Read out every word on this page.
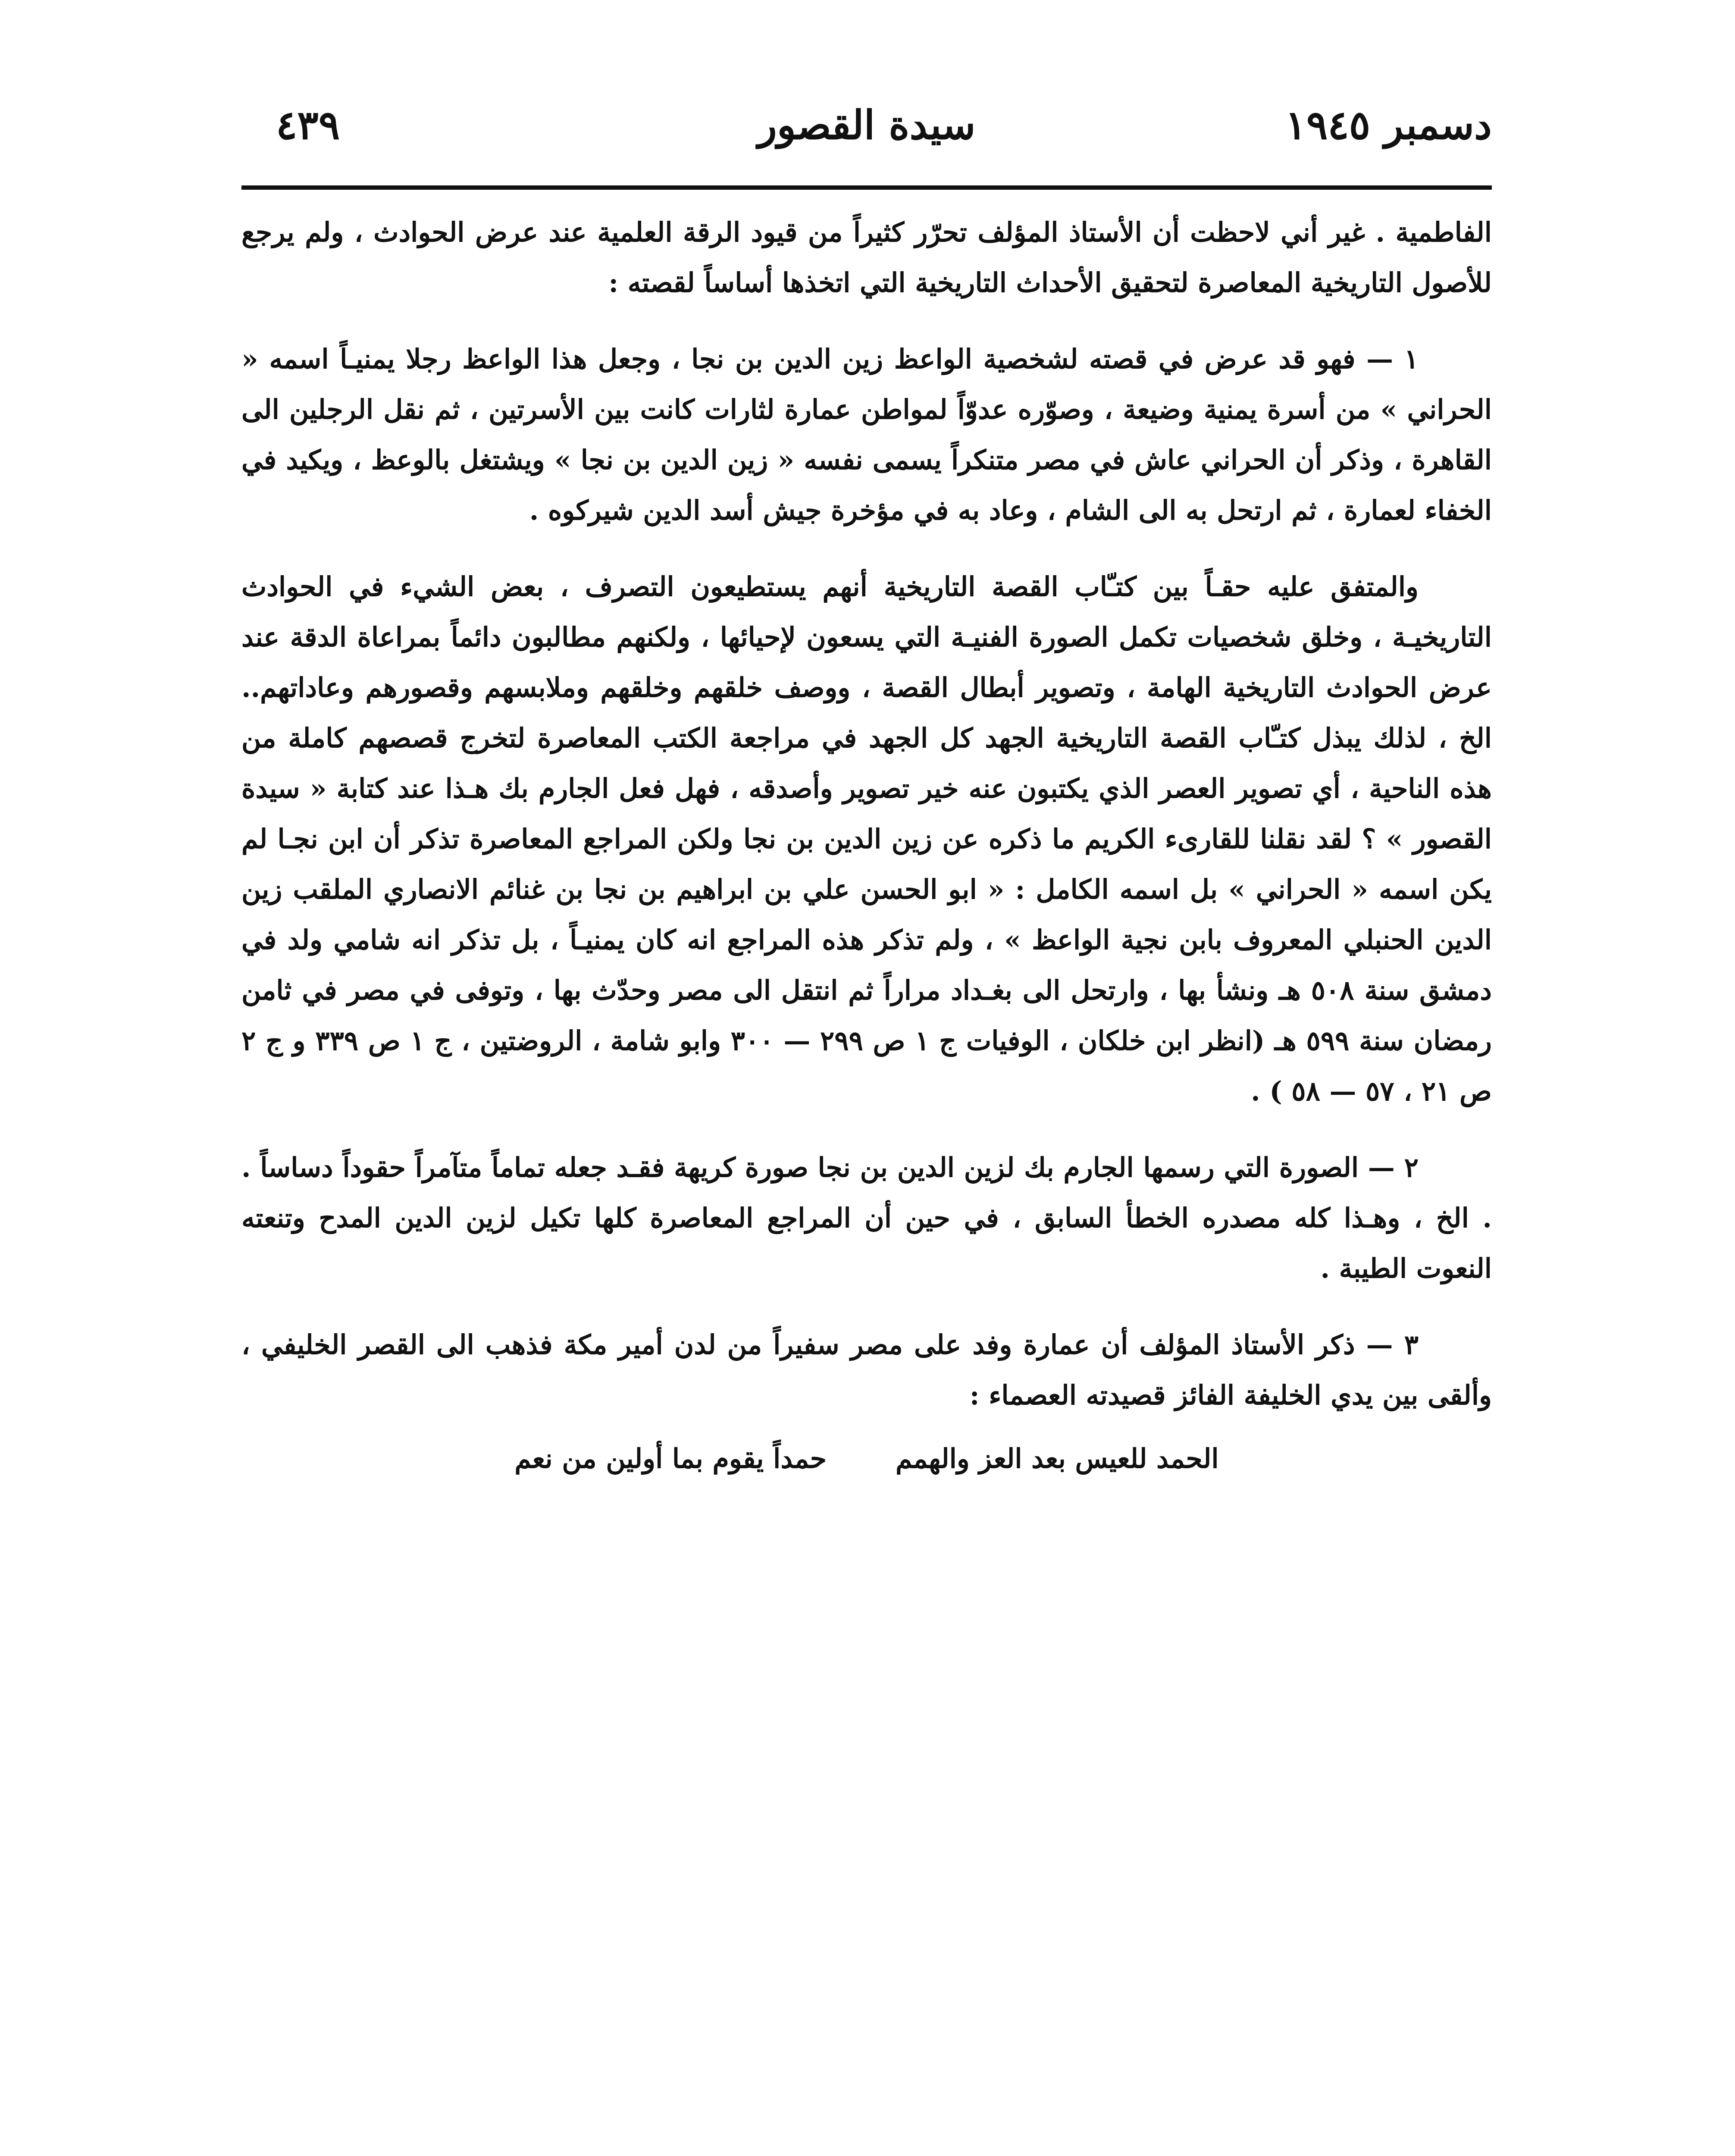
دسمبر ١٩٤٥
سيدة القصور
٤٣٩

الفاطمية . غير أني لاحظت أن الأستاذ المؤلف تحرّر كثيراً من قيود الرقة العلمية عند عرض الحوادث ، ولم يرجع للأصول التاريخية المعاصرة لتحقيق الأحداث التاريخية التي اتخذها أساساً لقصته :

١ — فهو قد عرض في قصته لشخصية الواعظ زين الدين بن نجا ، وجعل هذا الواعظ رجلا يمنيـاً اسمه « الحراني » من أسرة يمنية وضيعة ، وصوّره عدوّاً لمواطن عمارة لثارات كانت بين الأسرتين ، ثم نقل الرجلين الى القاهرة ، وذكر أن الحراني عاش في مصر متنكراً يسمى نفسه « زين الدين بن نجا » ويشتغل بالوعظ ، ويكيد في الخفاء لعمارة ، ثم ارتحل به الى الشام ، وعاد به في مؤخرة جيش أسد الدين شيركوه .

والمتفق عليه حقـاً بين كتـّاب القصة التاريخية أنهم يستطيعون التصرف ، بعض الشيء في الحوادث التاريخيـة ، وخلق شخصيات تكمل الصورة الفنيـة التي يسعون لإحيائها ، ولكنهم مطالبون دائماً بمراعاة الدقة عند عرض الحوادث التاريخية الهامة ، وتصوير أبطال القصة ، ووصف خلقهم وخلقهم وملابسهم وقصورهم وعاداتهم.. الخ ، لذلك يبذل كتـّاب القصة التاريخية الجهد كل الجهد في مراجعة الكتب المعاصرة لتخرج قصصهم كاملة من هذه الناحية ، أي تصوير العصر الذي يكتبون عنه خير تصوير وأصدقه ، فهل فعل الجارم بك هـذا عند كتابة « سيدة القصور » ؟ لقد نقلنا للقارىء الكريم ما ذكره عن زين الدين بن نجا ولكن المراجع المعاصرة تذكر أن ابن نجـا لم يكن اسمه « الحراني » بل اسمه الكامل : « ابو الحسن علي بن ابراهيم بن نجا بن غنائم الانصاري الملقب زين الدين الحنبلي المعروف بابن نجية الواعظ » ، ولم تذكر هذه المراجع انه كان يمنيـاً ، بل تذكر انه شامي ولد في دمشق سنة ٥٠٨ هـ ونشأ بها ، وارتحل الى بغـداد مراراً ثم انتقل الى مصر وحدّث بها ، وتوفى في مصر في ثامن رمضان سنة ٥٩٩ هـ (انظر ابن خلكان ، الوفيات ج ١ ص ٢٩٩ — ٣٠٠ وابو شامة ، الروضتين ، ج ١ ص ٣٣٩ و ج ٢ ص ٢١ ، ٥٧ — ٥٨ ) .

٢ — الصورة التي رسمها الجارم بك لزين الدين بن نجا صورة كريهة فقـد جعله تماماً متآمراً حقوداً دساساً . . الخ ، وهـذا كله مصدره الخطأ السابق ، في حين أن المراجع المعاصرة كلها تكيل لزين الدين المدح وتنعته النعوت الطيبة .

٣ — ذكر الأستاذ المؤلف أن عمارة وفد على مصر سفيراً من لدن أمير مكة فذهب الى القصر الخليفي ، وألقى بين يدي الخليفة الفائز قصيدته العصماء :

الحمد للعيس بعد العز والهمم
حمداً يقوم بما أولين من نعم
